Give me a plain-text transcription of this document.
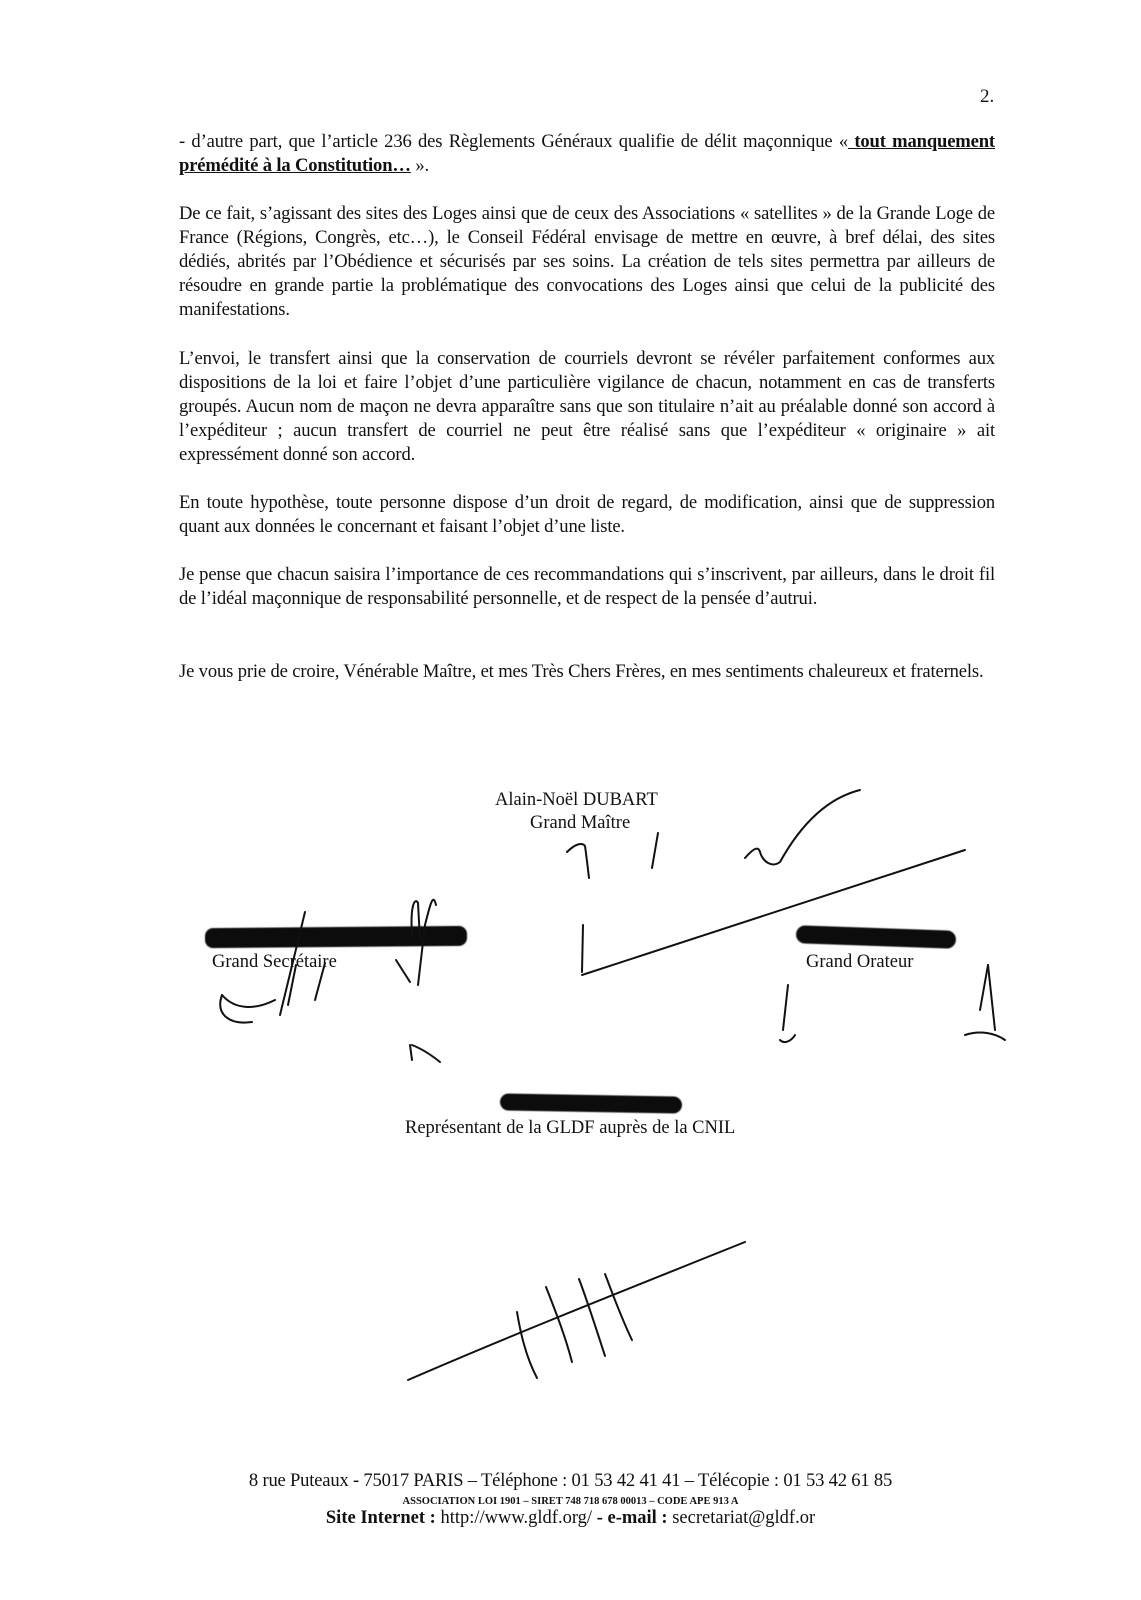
2.

- d’autre part, que l’article 236 des Règlements Généraux qualifie de délit maçonnique « tout manquement prémédité à la Constitution… ».

De ce fait, s’agissant des sites des Loges ainsi que de ceux des Associations « satellites » de la Grande Loge de France (Régions, Congrès, etc…), le Conseil Fédéral envisage de mettre en œuvre, à bref délai, des sites dédiés, abrités par l’Obédience et sécurisés par ses soins. La création de tels sites permettra par ailleurs de résoudre en grande partie la problématique des convocations des Loges ainsi que celui de la publicité des manifestations.

L’envoi, le transfert ainsi que la conservation de courriels devront se révéler parfaitement conformes aux dispositions de la loi et faire l’objet d’une particulière vigilance de chacun, notamment en cas de transferts groupés. Aucun nom de maçon ne devra apparaître sans que son titulaire n’ait au préalable donné son accord à l’expéditeur ; aucun transfert de courriel ne peut être réalisé sans que l’expéditeur « originaire » ait expressément donné son accord.

En toute hypothèse, toute personne dispose d’un droit de regard, de modification, ainsi que de suppression quant aux données le concernant et faisant l’objet d’une liste.

Je pense que chacun saisira l’importance de ces recommandations qui s’inscrivent, par ailleurs, dans le droit fil de l’idéal maçonnique de responsabilité personnelle, et de respect de la pensée d’autrui.

Je vous prie de croire, Vénérable Maître, et mes Très Chers Frères, en mes sentiments chaleureux et fraternels.

Alain-Noël DUBART
Grand Maître
Grand Secrétaire	Grand Orateur
Représentant de la GLDF auprès de la CNIL
8 rue Puteaux - 75017 PARIS – Téléphone : 01 53 42 41 41 – Télécopie : 01 53 42 61 85
ASSOCIATION LOI 1901 – SIRET 748 718 678 00013 – CODE APE 913 A
Site Internet : http://www.gldf.org/ - e-mail : secretariat@gldf.or
